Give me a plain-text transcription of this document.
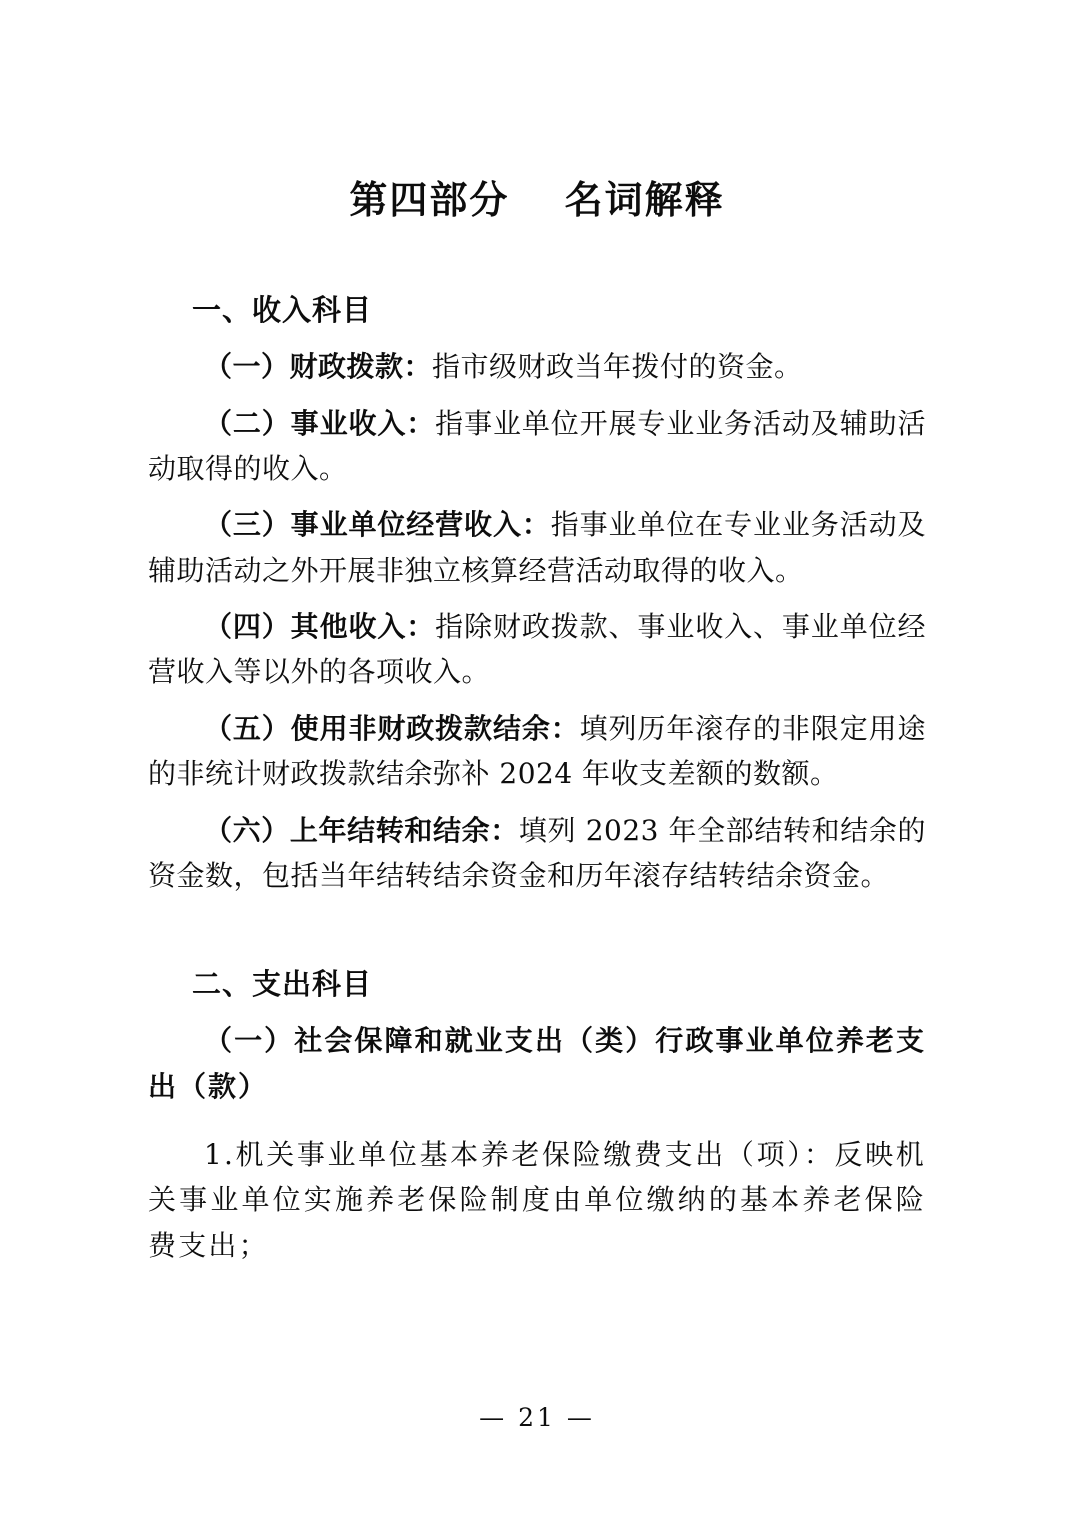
第四部分　 名词解释
一、收入科目

（一）财政拨款：指市级财政当年拨付的资金。

（二）事业收入：指事业单位开展专业业务活动及辅助活动取得的收入。

（三）事业单位经营收入：指事业单位在专业业务活动及辅助活动之外开展非独立核算经营活动取得的收入。

（四）其他收入：指除财政拨款、事业收入、事业单位经营收入等以外的各项收入。

（五）使用非财政拨款结余：填列历年滚存的非限定用途的非统计财政拨款结余弥补 2024 年收支差额的数额。

（六）上年结转和结余：填列 2023 年全部结转和结余的资金数，包括当年结转结余资金和历年滚存结转结余资金。

二、支出科目

（一）社会保障和就业支出（类）行政事业单位养老支出（款）

1.机关事业单位基本养老保险缴费支出（项）：反映机 关事业单位实施养老保险制度由单位缴纳的基本养老保险费支出；

— 21 —
